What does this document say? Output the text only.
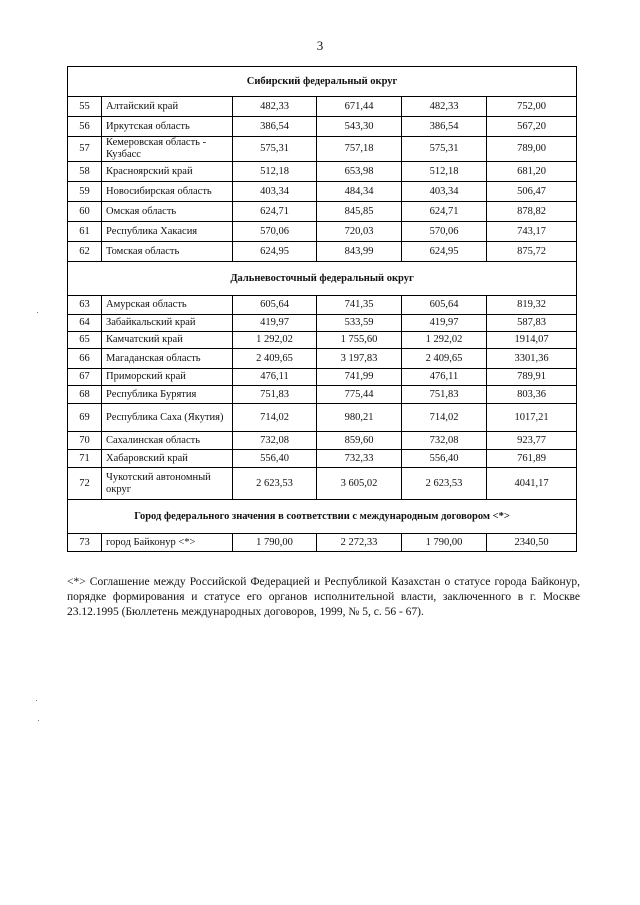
3
Сибирский федеральный округ					
55	Алтайский край	482,33	671,44	482,33	752,00
56	Иркутская область	386,54	543,30	386,54	567,20
57	Кемеровская область - Кузбасс	575,31	757,18	575,31	789,00
58	Красноярский край	512,18	653,98	512,18	681,20
59	Новосибирская область	403,34	484,34	403,34	506,47
60	Омская область	624,71	845,85	624,71	878,82
61	Республика Хакасия	570,06	720,03	570,06	743,17
62	Томская область	624,95	843,99	624,95	875,72
Дальневосточный федеральный округ					
63	Амурская область	605,64	741,35	605,64	819,32
64	Забайкальский край	419,97	533,59	419,97	587,83
65	Камчатский край	1 292,02	1 755,60	1 292,02	1914,07
66	Магаданская область	2 409,65	3 197,83	2 409,65	3301,36
67	Приморский край	476,11	741,99	476,11	789,91
68	Республика Бурятия	751,83	775,44	751,83	803,36
69	Республика Саха (Якутия)	714,02	980,21	714,02	1017,21
70	Сахалинская область	732,08	859,60	732,08	923,77
71	Хабаровский край	556,40	732,33	556,40	761,89
72	Чукотский автономный округ	2 623,53	3 605,02	2 623,53	4041,17
Город федерального значения в соответствии с международным договором <*>					
73	город Байконур <*>	1 790,00	2 272,33	1 790,00	2340,50
<*> Соглашение между Российской Федерацией и Республикой Казахстан о статусе города Байконур, порядке формирования и статусе его органов исполнительной власти, заключенного в г. Москве 23.12.1995 (Бюллетень международных договоров, 1999, № 5, с. 56 - 67).
